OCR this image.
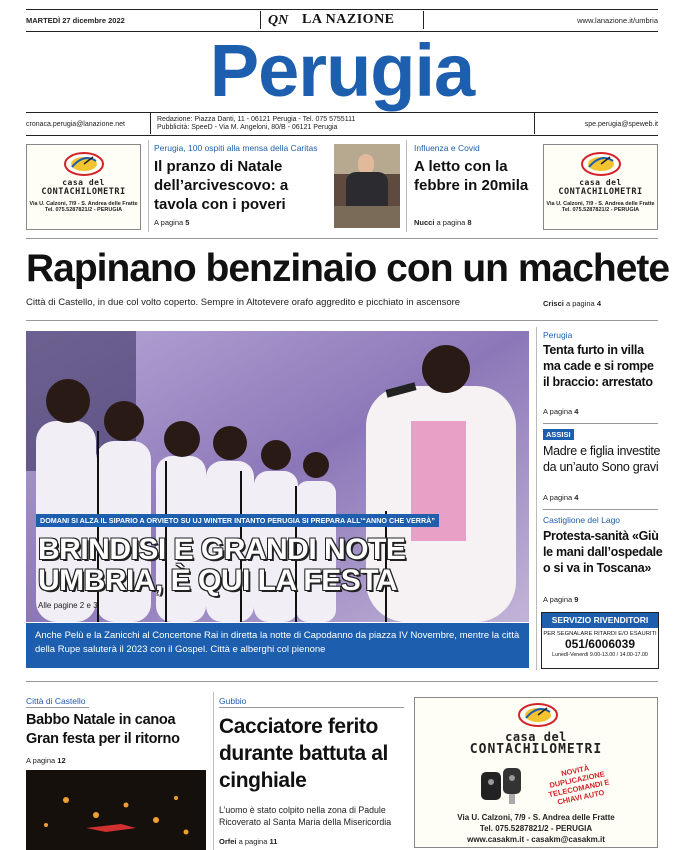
MARTEDÌ 27 dicembre 2022	QN LA NAZIONE	www.lanazione.it/umbria
Perugia
cronaca.perugia@lanazione.net
Redazione: Piazza Danti, 11 - 06121 Perugia - Tel. 075 5755111
Pubblicità: SpeeD - Via M. Angeloni, 80/B - 06121 Perugia	spe.perugia@speweb.it
casa del
CONTACHILOMETRI
Via U. Calzoni, 7/9 - S. Andrea delle Fratte
Tel. 075.5287821/2 - PERUGIA
Perugia, 100 ospiti alla mensa della Caritas
Il pranzo di Natale dell’arcivescovo: a tavola con i poveri
A pagina 5
Influenza e Covid
A letto con la febbre in 20mila
Nucci a pagina 8
casa del
CONTACHILOMETRI
Via U. Calzoni, 7/9 - S. Andrea delle Fratte
Tel. 075.5287821/2 - PERUGIA
Rapinano benzinaio con un machete
Città di Castello, in due col volto coperto. Sempre in Altotevere orafo aggredito e picchiato in ascensore	Crisci a pagina 4
DOMANI SI ALZA IL SIPARIO A ORVIETO SU UJ WINTER INTANTO PERUGIA SI PREPARA ALL’“ANNO CHE VERRÀ”
BRINDISI E GRANDI NOTE
UMBRIA, È QUI LA FESTA
Alle pagine 2 e 3
Anche Pelù e la Zanicchi al Concertone Rai in diretta la notte di Capodanno da piazza IV Novembre, mentre la città della Rupe saluterà il 2023 con il Gospel. Città e alberghi col pienone
Perugia
Tenta furto in villa ma cade e si rompe il braccio: arrestato
A pagina 4
ASSISI
Madre e figlia investite da un’auto Sono gravi
A pagina 4
Castiglione del Lago
Protesta-sanità «Giù le mani dall’ospedale o si va in Toscana»
A pagina 9
SERVIZIO RIVENDITORI
PER SEGNALARE RITARDI E/O ESAURITI
051/6006039
Lunedì-Venerdì 9.00-13.00 / 14.00-17.00
Città di Castello
Babbo Natale in canoa Gran festa per il ritorno
A pagina 12
Gubbio
Cacciatore ferito durante battuta al cinghiale
L’uomo è stato colpito nella zona di Padule Ricoverato al Santa Maria della Misericordia
Orfei a pagina 11
casa del
CONTACHILOMETRI
NOVITÀ DUPLICAZIONE TELECOMANDI E CHIAVI AUTO
Via U. Calzoni, 7/9 - S. Andrea delle Fratte
Tel. 075.5287821/2 - PERUGIA
www.casakm.it - casakm@casakm.it
